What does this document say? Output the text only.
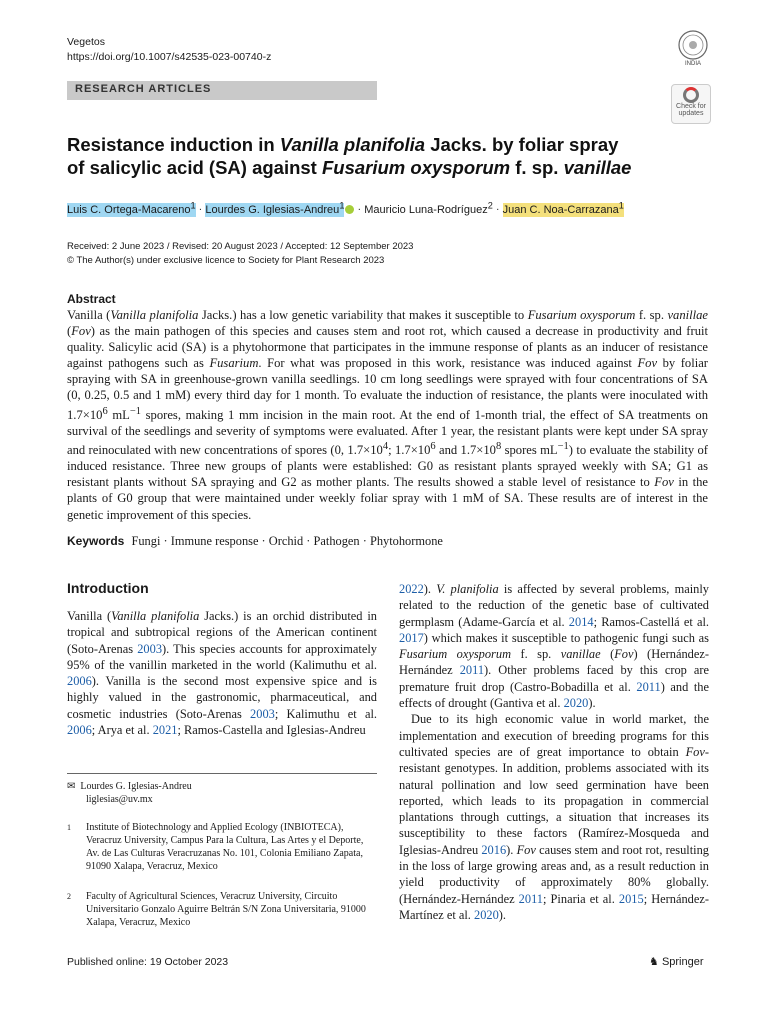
Vegetos
https://doi.org/10.1007/s42535-023-00740-z
RESEARCH ARTICLES
INDIA
Check for updates
Resistance induction in Vanilla planifolia Jacks. by foliar spray
of salicylic acid (SA) against Fusarium oxysporum f. sp. vanillae
Luis C. Ortega-Macareno$^1$ · Lourdes G. Iglesias-Andreu$^1$ · Mauricio Luna-Rodríguez$^2$ · Juan C. Noa-Carrazana$^1$
Received: 2 June 2023 / Revised: 20 August 2023 / Accepted: 12 September 2023
© The Author(s) under exclusive licence to Society for Plant Research 2023
Abstract
Vanilla (Vanilla planifolia Jacks.) has a low genetic variability that makes it susceptible to Fusarium oxysporum f. sp. vanillae (Fov) as the main pathogen of this species and causes stem and root rot, which caused a decrease in productivity and fruit quality. Salicylic acid (SA) is a phytohormone that participates in the immune response of plants as an inducer of resistance against pathogens such as Fusarium. For what was proposed in this work, resistance was induced against Fov by foliar spraying with SA in greenhouse-grown vanilla seedlings. 10 cm long seedlings were sprayed with four concentrations of SA (0, 0.25, 0.5 and 1 mM) every third day for 1 month. To evaluate the induction of resistance, the plants were inoculated with $1.7\times 10^6$ $mL^{-1}$ spores, making 1 mm incision in the main root. At the end of 1-month trial, the effect of SA treatments on survival of the seedlings and severity of symptoms were evaluated. After 1 year, the resistant plants were kept under SA spray and reinoculated with new concentrations of spores (0, $1.7\times 10^4$; $1.7\times 10^6$ and $1.7\times 10^8$ spores $mL^{-1}$) to evaluate the stability of induced resistance. Three new groups of plants were established: G0 as resistant plants sprayed weekly with SA; G1 as resistant plants without SA spraying and G2 as mother plants. The results showed a stable level of resistance to Fov in the plants of G0 group that were maintained under weekly foliar spray with 1 mM of SA. These results are of interest in the genetic improvement of this species.
Keywords Fungi · Immune response · Orchid · Pathogen · Phytohormone
Introduction
Vanilla (Vanilla planifolia Jacks.) is an orchid distributed in tropical and subtropical regions of the American continent (Soto-Arenas 2003). This species accounts for approximately 95% of the vanillin marketed in the world (Kalimuthu et al. 2006). Vanilla is the second most expensive spice and is highly valued in the gastronomic, pharmaceutical, and cosmetic industries (Soto-Arenas 2003; Kalimuthu et al. 2006; Arya et al. 2021; Ramos-Castella and Iglesias-Andreu

2022). V. planifolia is affected by several problems, mainly related to the reduction of the genetic base of cultivated germplasm (Adame-García et al. 2014; Ramos-Castellá et al. 2017) which makes it susceptible to pathogenic fungi such as Fusarium oxysporum f. sp. vanillae (Fov) (Hernández-Hernández 2011). Other problems faced by this crop are premature fruit drop (Castro-Bobadilla et al. 2011) and the effects of drought (Gantiva et al. 2020).

Due to its high economic value in world market, the implementation and execution of breeding programs for this cultivated species are of great importance to obtain Fov-resistant genotypes. In addition, problems associated with its natural pollination and low seed germination have been reported, which leads to its propagation in commercial plantations through cuttings, a situation that increases its susceptibility to these factors (Ramírez-Mosqueda and Iglesias-Andreu 2016). Fov causes stem and root rot, resulting in the loss of large growing areas and, as a result reduction in yield productivity of approximately 80% globally. (Hernández-Hernández 2011; Pinaria et al. 2015; Hernández-Martínez et al. 2020).

✉ Lourdes G. Iglesias-Andreu
liglesias@uv.mx
1 Institute of Biotechnology and Applied Ecology (INBIOTECA), Veracruz University, Campus Para la Cultura, Las Artes y el Deporte, Av. de Las Culturas Veracruzanas No. 101, Colonia Emiliano Zapata, 91090 Xalapa, Veracruz, Mexico
2 Faculty of Agricultural Sciences, Veracruz University, Circuito Universitario Gonzalo Aguirre Beltrán S/N Zona Universitaria, 91000 Xalapa, Veracruz, Mexico
Published online: 19 October 2023	♞ Springer
